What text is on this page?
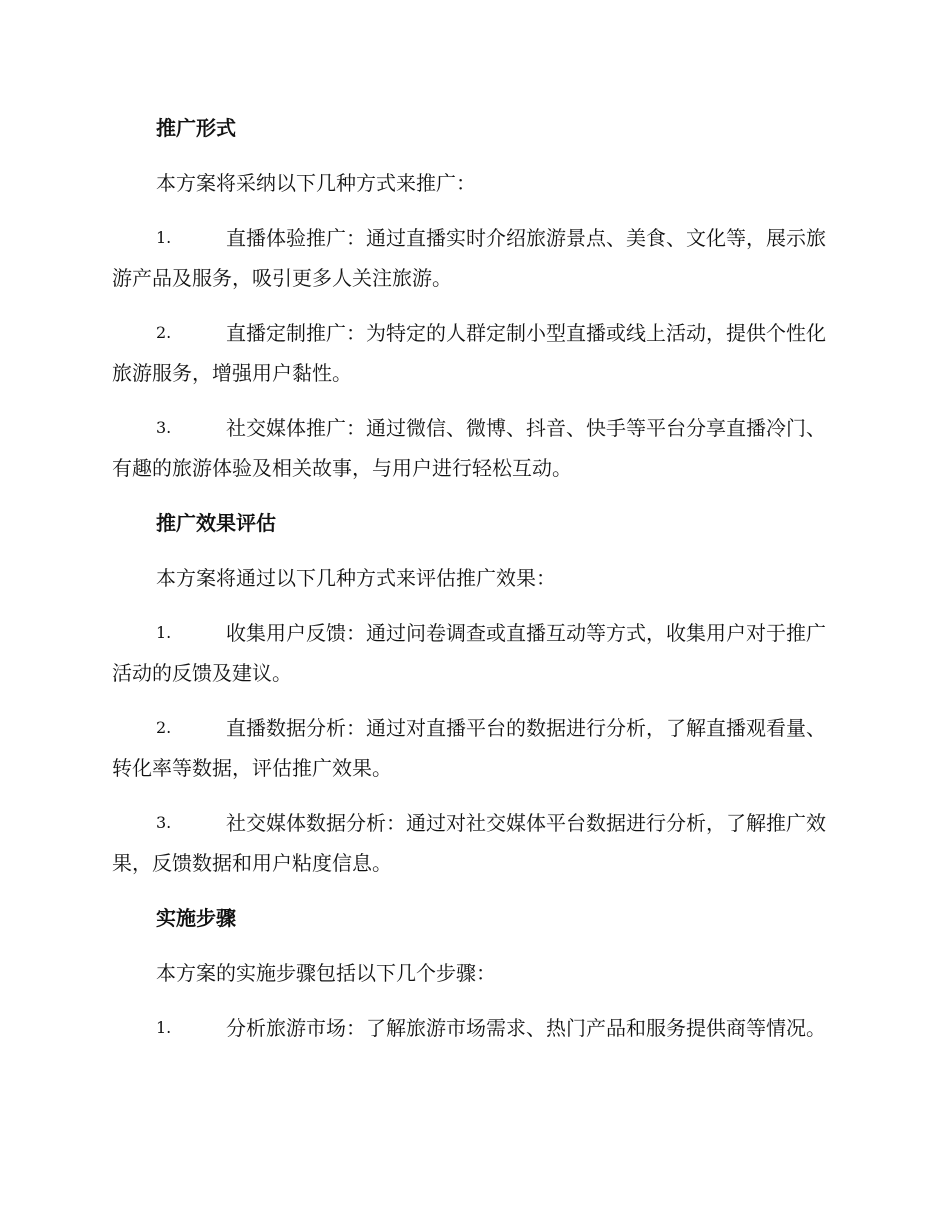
推广形式

本方案将采纳以下几种方式来推广：

1.	直播体验推广：通过直播实时介绍旅游景点、美食、文化等，展示旅游产品及服务，吸引更多人关注旅游。

2.	直播定制推广：为特定的人群定制小型直播或线上活动，提供个性化旅游服务，增强用户黏性。

3.	社交媒体推广：通过微信、微博、抖音、快手等平台分享直播冷门、有趣的旅游体验及相关故事，与用户进行轻松互动。

推广效果评估

本方案将通过以下几种方式来评估推广效果：

1.	收集用户反馈：通过问卷调查或直播互动等方式，收集用户对于推广活动的反馈及建议。

2.	直播数据分析：通过对直播平台的数据进行分析，了解直播观看量、转化率等数据，评估推广效果。

3.	社交媒体数据分析：通过对社交媒体平台数据进行分析，了解推广效果，反馈数据和用户粘度信息。

实施步骤

本方案的实施步骤包括以下几个步骤：

1.	分析旅游市场：了解旅游市场需求、热门产品和服务提供商等情况。
